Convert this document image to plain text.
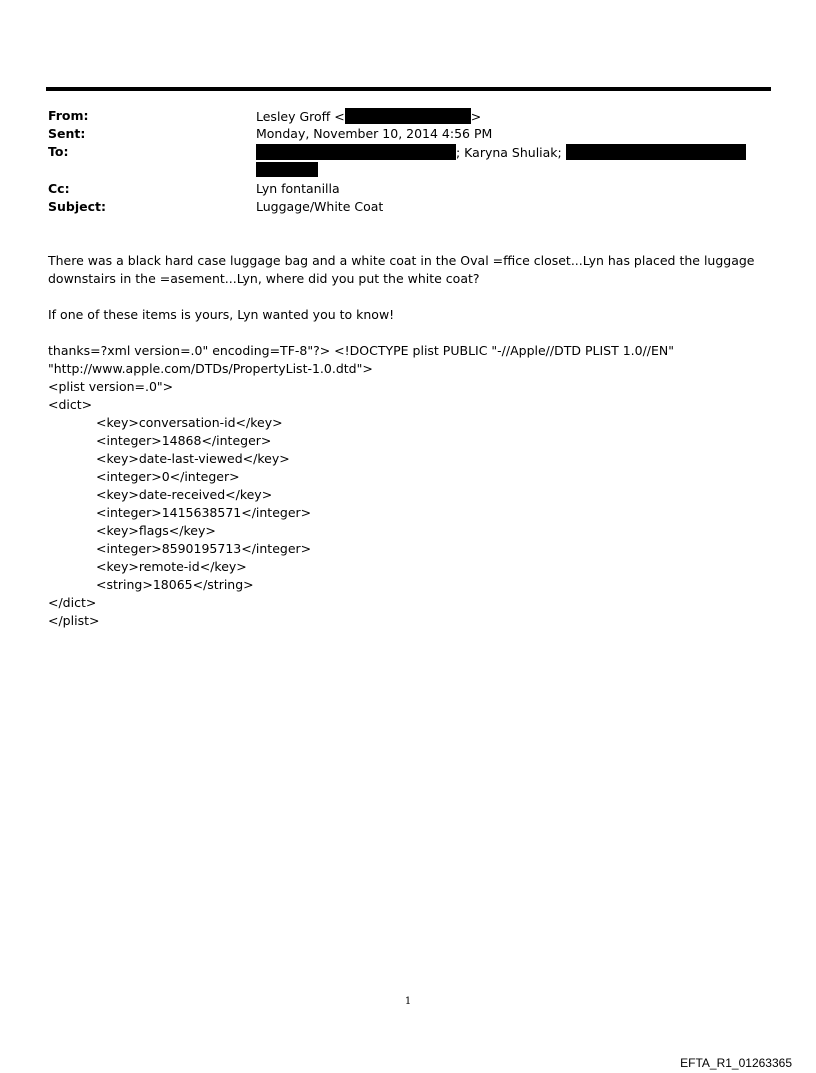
From:
Sent:
To:
Cc:
Subject:
Lesley Groff <	>
Monday, November 10, 2014 4:56 PM
; Karyna Shuliak;
Lyn fontanilla
Luggage/White Coat
There was a black hard case luggage bag and a white coat in the Oval =ffice closet...Lyn has placed the luggage
downstairs in the =asement...Lyn, where did you put the white coat?
If one of these items is yours, Lyn wanted you to know!
thanks=?xml version=.0" encoding=TF-8"?> <!DOCTYPE plist PUBLIC "-//Apple//DTD PLIST 1.0//EN"
"http://www.apple.com/DTDs/PropertyList-1.0.dtd">
<plist version=.0">
<dict>
<key>conversation-id</key>
<integer>14868</integer>
<key>date-last-viewed</key>
<integer>0</integer>
<key>date-received</key>
<integer>1415638571</integer>
<key>flags</key>
<integer>8590195713</integer>
<key>remote-id</key>
<string>18065</string>
</dict>
</plist>
1
EFTA_R1_01263365
